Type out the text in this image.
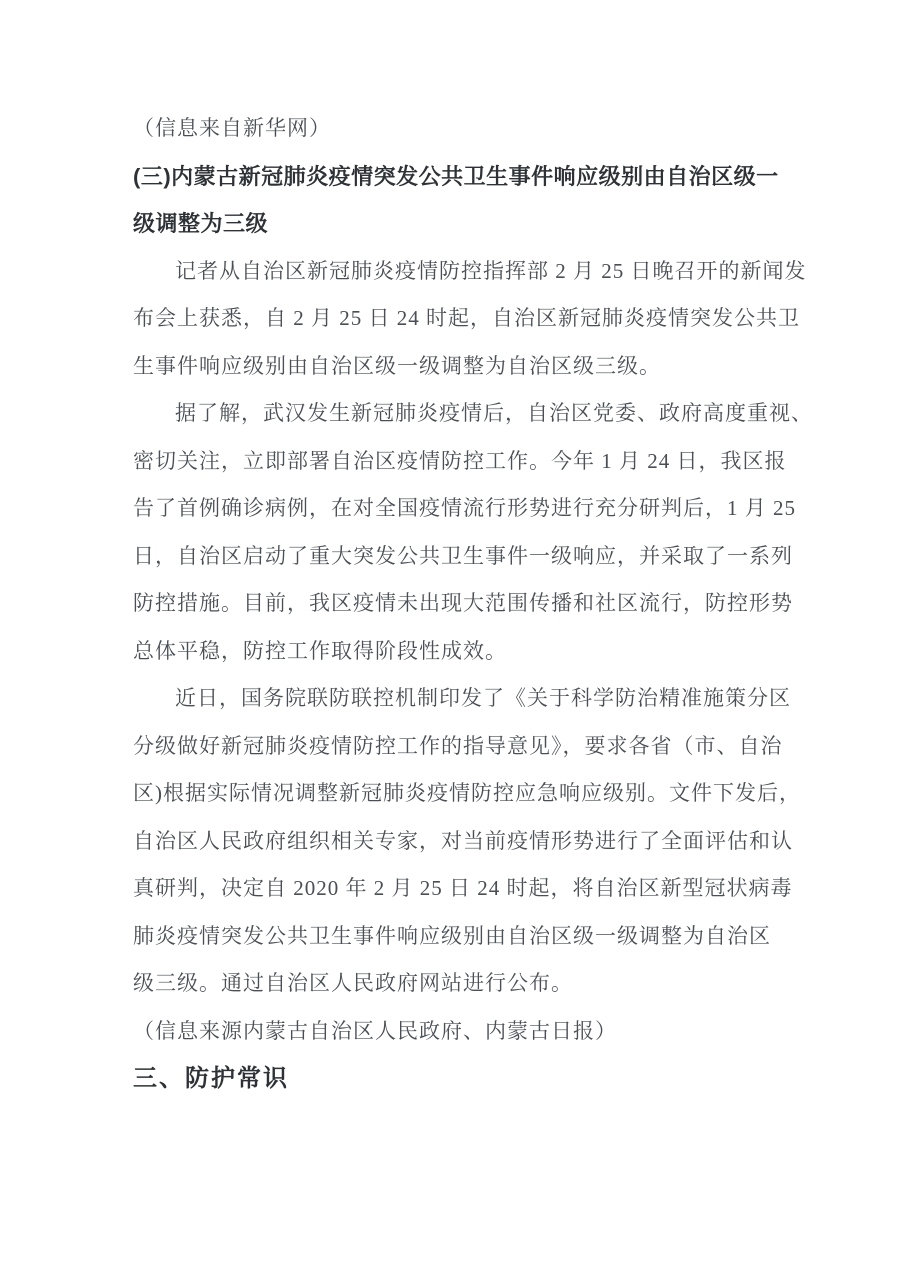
（信息来自新华网）
(三)内蒙古新冠肺炎疫情突发公共卫生事件响应级别由自治区级一
级调整为三级
记者从自治区新冠肺炎疫情防控指挥部 2 月 25 日晚召开的新闻发
布会上获悉，自 2 月 25 日 24 时起，自治区新冠肺炎疫情突发公共卫
生事件响应级别由自治区级一级调整为自治区级三级。
据了解，武汉发生新冠肺炎疫情后，自治区党委、政府高度重视、
密切关注，立即部署自治区疫情防控工作。今年 1 月 24 日，我区报
告了首例确诊病例，在对全国疫情流行形势进行充分研判后，1 月 25
日，自治区启动了重大突发公共卫生事件一级响应，并采取了一系列
防控措施。目前，我区疫情未出现大范围传播和社区流行，防控形势
总体平稳，防控工作取得阶段性成效。
近日，国务院联防联控机制印发了《关于科学防治精准施策分区
分级做好新冠肺炎疫情防控工作的指导意见》，要求各省（市、自治
区)根据实际情况调整新冠肺炎疫情防控应急响应级别。文件下发后，
自治区人民政府组织相关专家，对当前疫情形势进行了全面评估和认
真研判，决定自 2020 年 2 月 25 日 24 时起，将自治区新型冠状病毒
肺炎疫情突发公共卫生事件响应级别由自治区级一级调整为自治区
级三级。通过自治区人民政府网站进行公布。
（信息来源内蒙古自治区人民政府、内蒙古日报）
三、防护常识
